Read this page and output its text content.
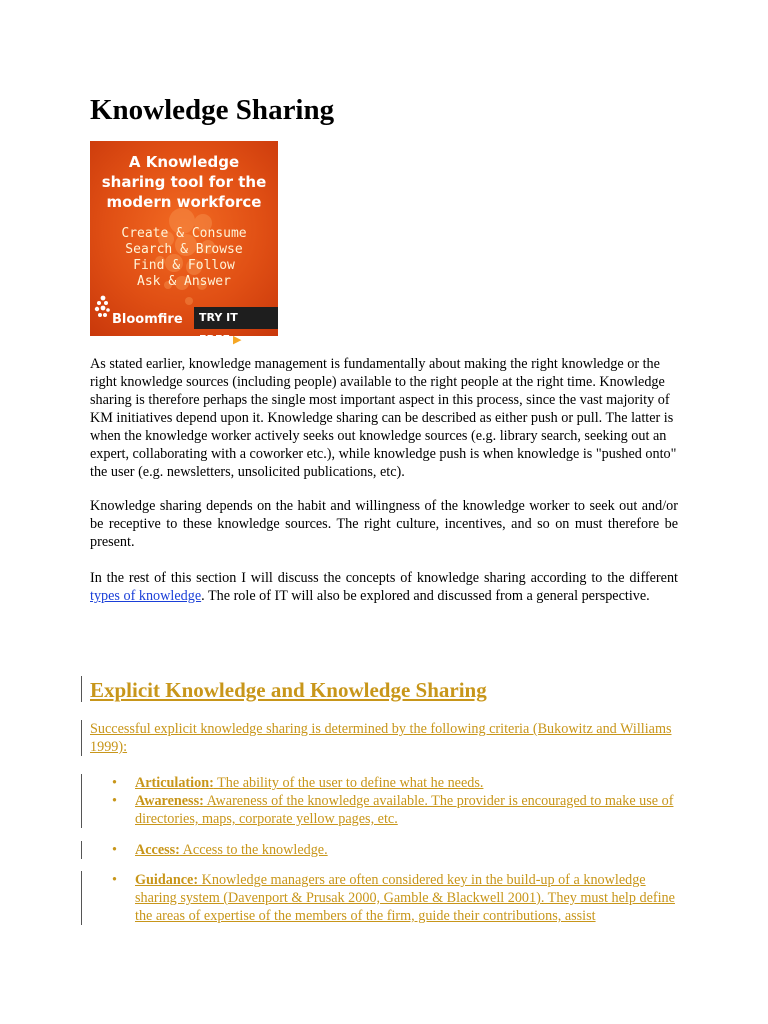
Knowledge Sharing
A Knowledge
sharing tool for the
modern workforce
Create & Consume
Search & Browse
Find & Follow
Ask & Answer
Bloomfire	TRY IT FREE ▶

As stated earlier, knowledge management is fundamentally about making the right knowledge or the right knowledge sources (including people) available to the right people at the right time. Knowledge sharing is therefore perhaps the single most important aspect in this process, since the vast majority of KM initiatives depend upon it. Knowledge sharing can be described as either push or pull. The latter is when the knowledge worker actively seeks out knowledge sources (e.g. library search, seeking out an expert, collaborating with a coworker etc.), while knowledge push is when knowledge is "pushed onto" the user (e.g. newsletters, unsolicited publications, etc).

Knowledge sharing depends on the habit and willingness of the knowledge worker to seek out and/or be receptive to these knowledge sources. The right culture, incentives, and so on must therefore be present.

In the rest of this section I will discuss the concepts of knowledge sharing according to the different types of knowledge. The role of IT will also be explored and discussed from a general perspective.

Explicit Knowledge and Knowledge Sharing

Successful explicit knowledge sharing is determined by the following criteria (Bukowitz and Williams 1999):

• Articulation: The ability of the user to define what he needs.
• Awareness: Awareness of the knowledge available. The provider is encouraged to make use of directories, maps, corporate yellow pages, etc.
• Access: Access to the knowledge.
• Guidance: Knowledge managers are often considered key in the build-up of a knowledge sharing system (Davenport & Prusak 2000, Gamble & Blackwell 2001). They must help define the areas of expertise of the members of the firm, guide their contributions, assist
